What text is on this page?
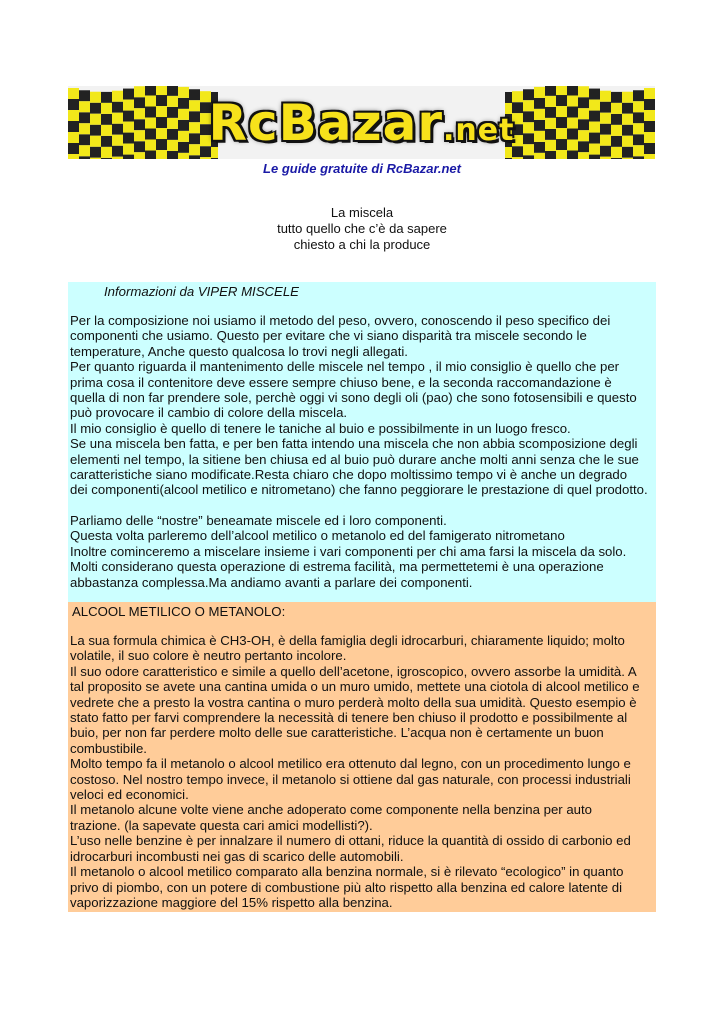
RcBazar.net
Le guide gratuite di RcBazar.net
La miscela
tutto quello che c’è da sapere
chiesto a chi la produce
Informazioni da VIPER MISCELE
Per la composizione noi usiamo il metodo del peso, ovvero, conoscendo il peso specifico dei
componenti che usiamo. Questo per evitare che vi siano disparità tra miscele secondo le
temperature, Anche questo qualcosa lo trovi negli allegati.
Per quanto riguarda il mantenimento delle miscele nel tempo , il mio consiglio è quello che per
prima cosa il contenitore deve essere sempre chiuso bene, e la seconda raccomandazione è
quella di non far prendere sole, perchè oggi vi sono degli oli (pao) che sono fotosensibili e questo
può provocare il cambio di colore della miscela.
Il mio consiglio è quello di tenere le taniche al buio e possibilmente in un luogo fresco.
Se una miscela ben fatta, e per ben fatta intendo una miscela che non abbia scomposizione degli
elementi nel tempo, la sitiene ben chiusa ed al buio può durare anche molti anni senza che le sue
caratteristiche siano modificate.Resta chiaro che dopo moltissimo tempo vi è anche un degrado
dei componenti(alcool metilico e nitrometano) che fanno peggiorare le prestazione di quel prodotto.
Parliamo delle “nostre” beneamate miscele ed i loro componenti.
Questa volta parleremo dell’alcool metilico o metanolo ed del famigerato nitrometano
Inoltre cominceremo a miscelare insieme i vari componenti per chi ama farsi la miscela da solo.
Molti considerano questa operazione di estrema facilità, ma permettetemi è una operazione
abbastanza complessa.Ma andiamo avanti a parlare dei componenti.
ALCOOL METILICO O METANOLO:
La sua formula chimica è CH3-OH, è della famiglia degli idrocarburi, chiaramente liquido; molto
volatile, il suo colore è neutro pertanto incolore.
Il suo odore caratteristico e simile a quello dell’acetone, igroscopico, ovvero assorbe la umidità. A
tal proposito se avete una cantina umida o un muro umido, mettete una ciotola di alcool metilico e
vedrete che a presto la vostra cantina o muro perderà molto della sua umidità. Questo esempio è
stato fatto per farvi comprendere la necessità di tenere ben chiuso il prodotto e possibilmente al
buio, per non far perdere molto delle sue caratteristiche. L’acqua non è certamente un buon
combustibile.
Molto tempo fa il metanolo o alcool metilico era ottenuto dal legno, con un procedimento lungo e
costoso. Nel nostro tempo invece, il metanolo si ottiene dal gas naturale, con processi industriali
veloci ed economici.
Il metanolo alcune volte viene anche adoperato come componente nella benzina per auto
trazione. (la sapevate questa cari amici modellisti?).
L’uso nelle benzine è per innalzare il numero di ottani, riduce la quantità di ossido di carbonio ed
idrocarburi incombusti nei gas di scarico delle automobili.
Il metanolo o alcool metilico comparato alla benzina normale, si è rilevato “ecologico” in quanto
privo di piombo, con un potere di combustione più alto rispetto alla benzina ed calore latente di
vaporizzazione maggiore del 15% rispetto alla benzina.
